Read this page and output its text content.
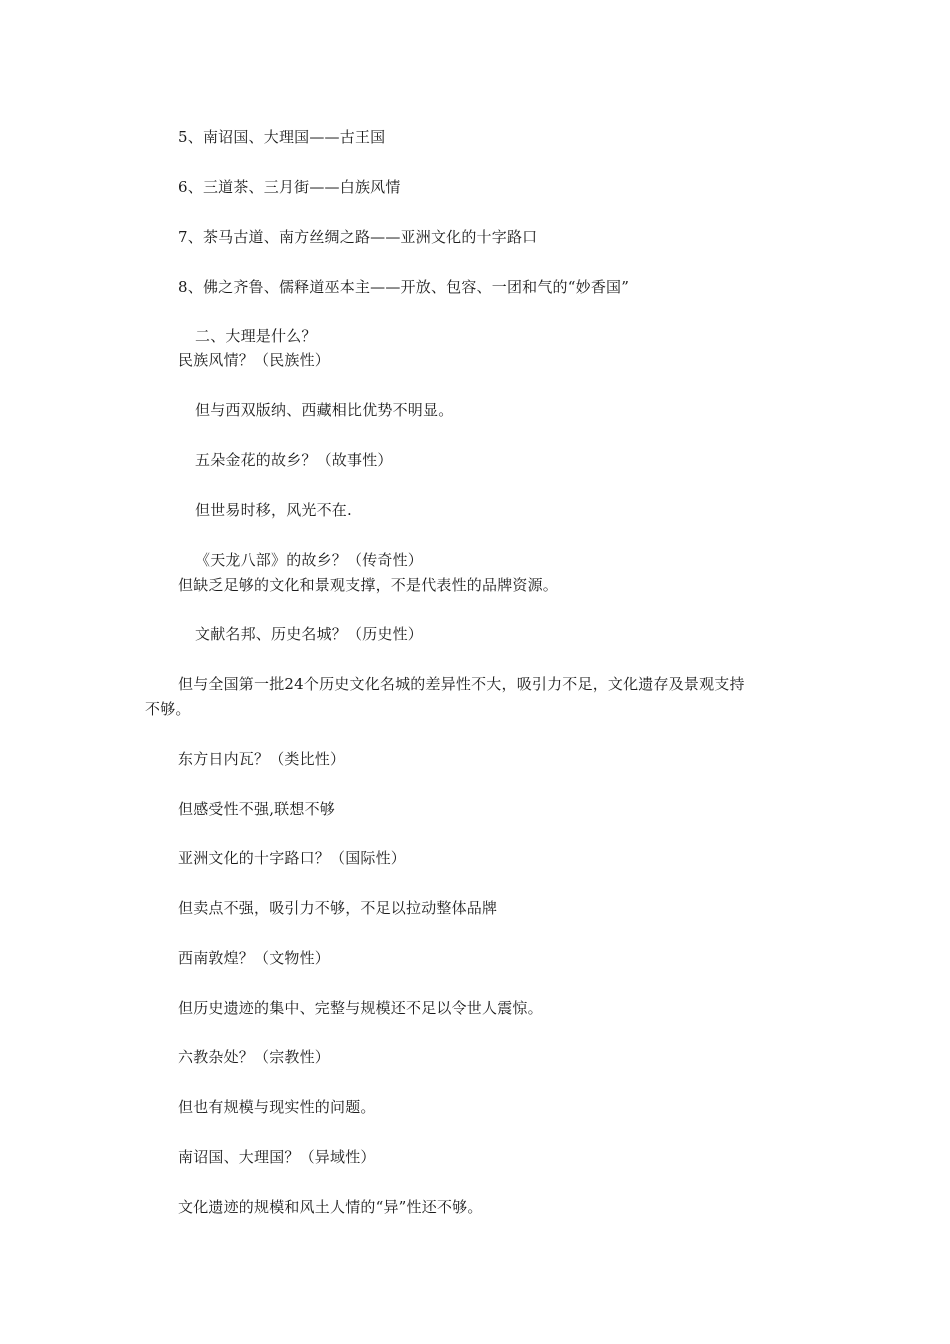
5、南诏国、大理国——古王国
6、三道茶、三月街——白族风情
7、茶马古道、南方丝绸之路——亚洲文化的十字路口
8、佛之齐鲁、儒释道巫本主——开放、包容、一团和气的“妙香国”
二、大理是什么？
民族风情？（民族性）
但与西双版纳、西藏相比优势不明显。
五朵金花的故乡？（故事性）
但世易时移，风光不在.
《天龙八部》的故乡？（传奇性）
但缺乏足够的文化和景观支撑，不是代表性的品牌资源。
文献名邦、历史名城？（历史性）
但与全国第一批24个历史文化名城的差异性不大，吸引力不足，文化遗存及景观支持
不够。
东方日内瓦？（类比性）
但感受性不强,联想不够
亚洲文化的十字路口？（国际性）
但卖点不强，吸引力不够，不足以拉动整体品牌
西南敦煌？（文物性）
但历史遗迹的集中、完整与规模还不足以令世人震惊。
六教杂处？（宗教性）
但也有规模与现实性的问题。
南诏国、大理国？（异域性）
文化遗迹的规模和风土人情的“异”性还不够。
